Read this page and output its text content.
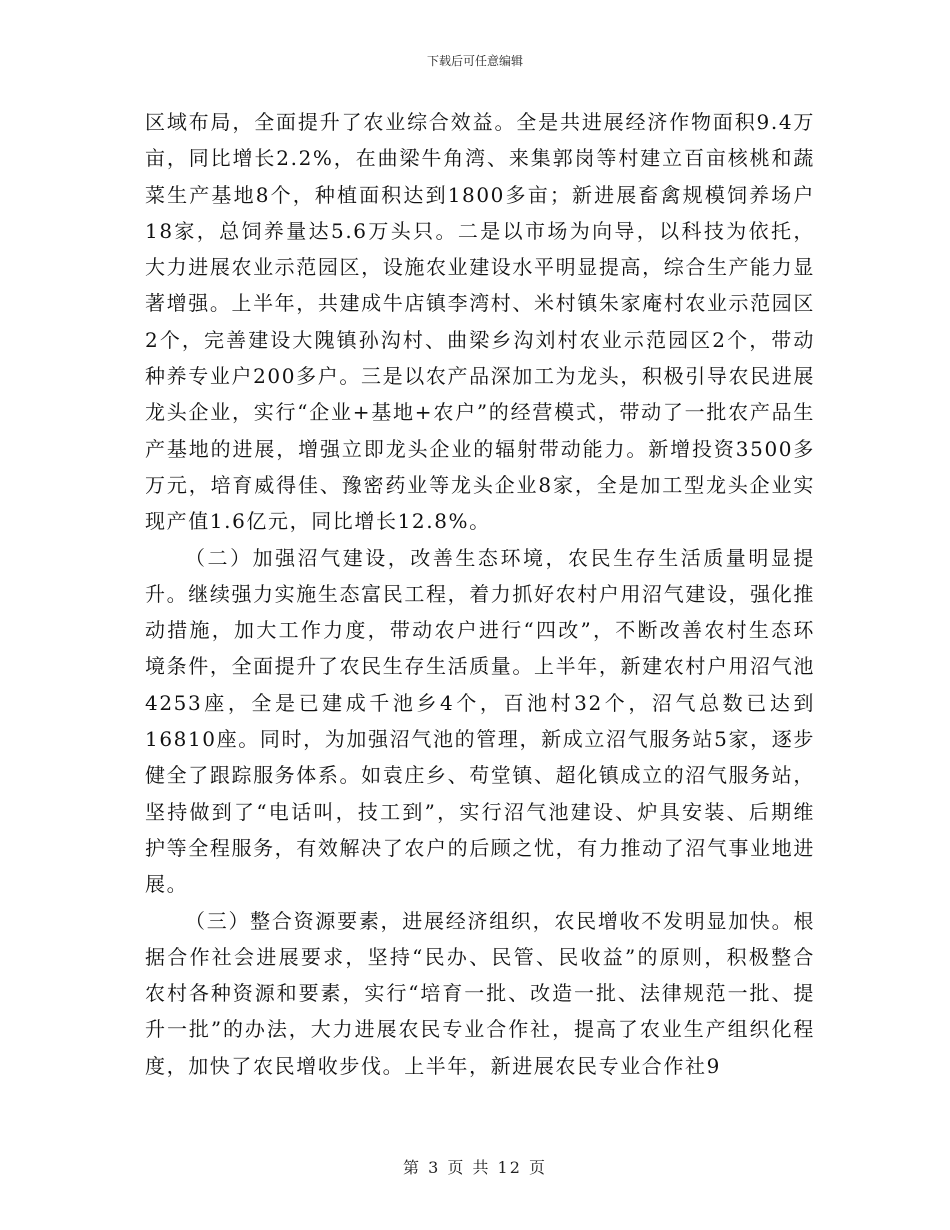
下载后可任意编辑

区域布局，全面提升了农业综合效益。全是共进展经济作物面积9.4万亩，同比增长2.2%，在曲梁牛角湾、来集郭岗等村建立百亩核桃和蔬菜生产基地8个，种植面积达到1800多亩；新进展畜禽规模饲养场户18家，总饲养量达5.6万头只。二是以市场为向导，以科技为依托，大力进展农业示范园区，设施农业建设水平明显提高，综合生产能力显著增强。上半年，共建成牛店镇李湾村、米村镇朱家庵村农业示范园区2个，完善建设大隗镇孙沟村、曲梁乡沟刘村农业示范园区2个，带动种养专业户200多户。三是以农产品深加工为龙头，积极引导农民进展龙头企业，实行“企业+基地+农户”的经营模式，带动了一批农产品生产基地的进展，增强立即龙头企业的辐射带动能力。新增投资3500多万元，培育威得佳、豫密药业等龙头企业8家，全是加工型龙头企业实现产值1.6亿元，同比增长12.8%。

（二）加强沼气建设，改善生态环境，农民生存生活质量明显提升。继续强力实施生态富民工程，着力抓好农村户用沼气建设，强化推动措施，加大工作力度，带动农户进行“四改”，不断改善农村生态环境条件，全面提升了农民生存生活质量。上半年，新建农村户用沼气池4253座，全是已建成千池乡4个，百池村32个，沼气总数已达到16810座。同时，为加强沼气池的管理，新成立沼气服务站5家，逐步健全了跟踪服务体系。如袁庄乡、苟堂镇、超化镇成立的沼气服务站，坚持做到了“电话叫，技工到”，实行沼气池建设、炉具安装、后期维护等全程服务，有效解决了农户的后顾之忧，有力推动了沼气事业地进展。

（三）整合资源要素，进展经济组织，农民增收不发明显加快。根据合作社会进展要求，坚持“民办、民管、民收益”的原则，积极整合农村各种资源和要素，实行“培育一批、改造一批、法律规范一批、提升一批”的办法，大力进展农民专业合作社，提高了农业生产组织化程度，加快了农民增收步伐。上半年，新进展农民专业合作社9

第 3 页 共 12 页
